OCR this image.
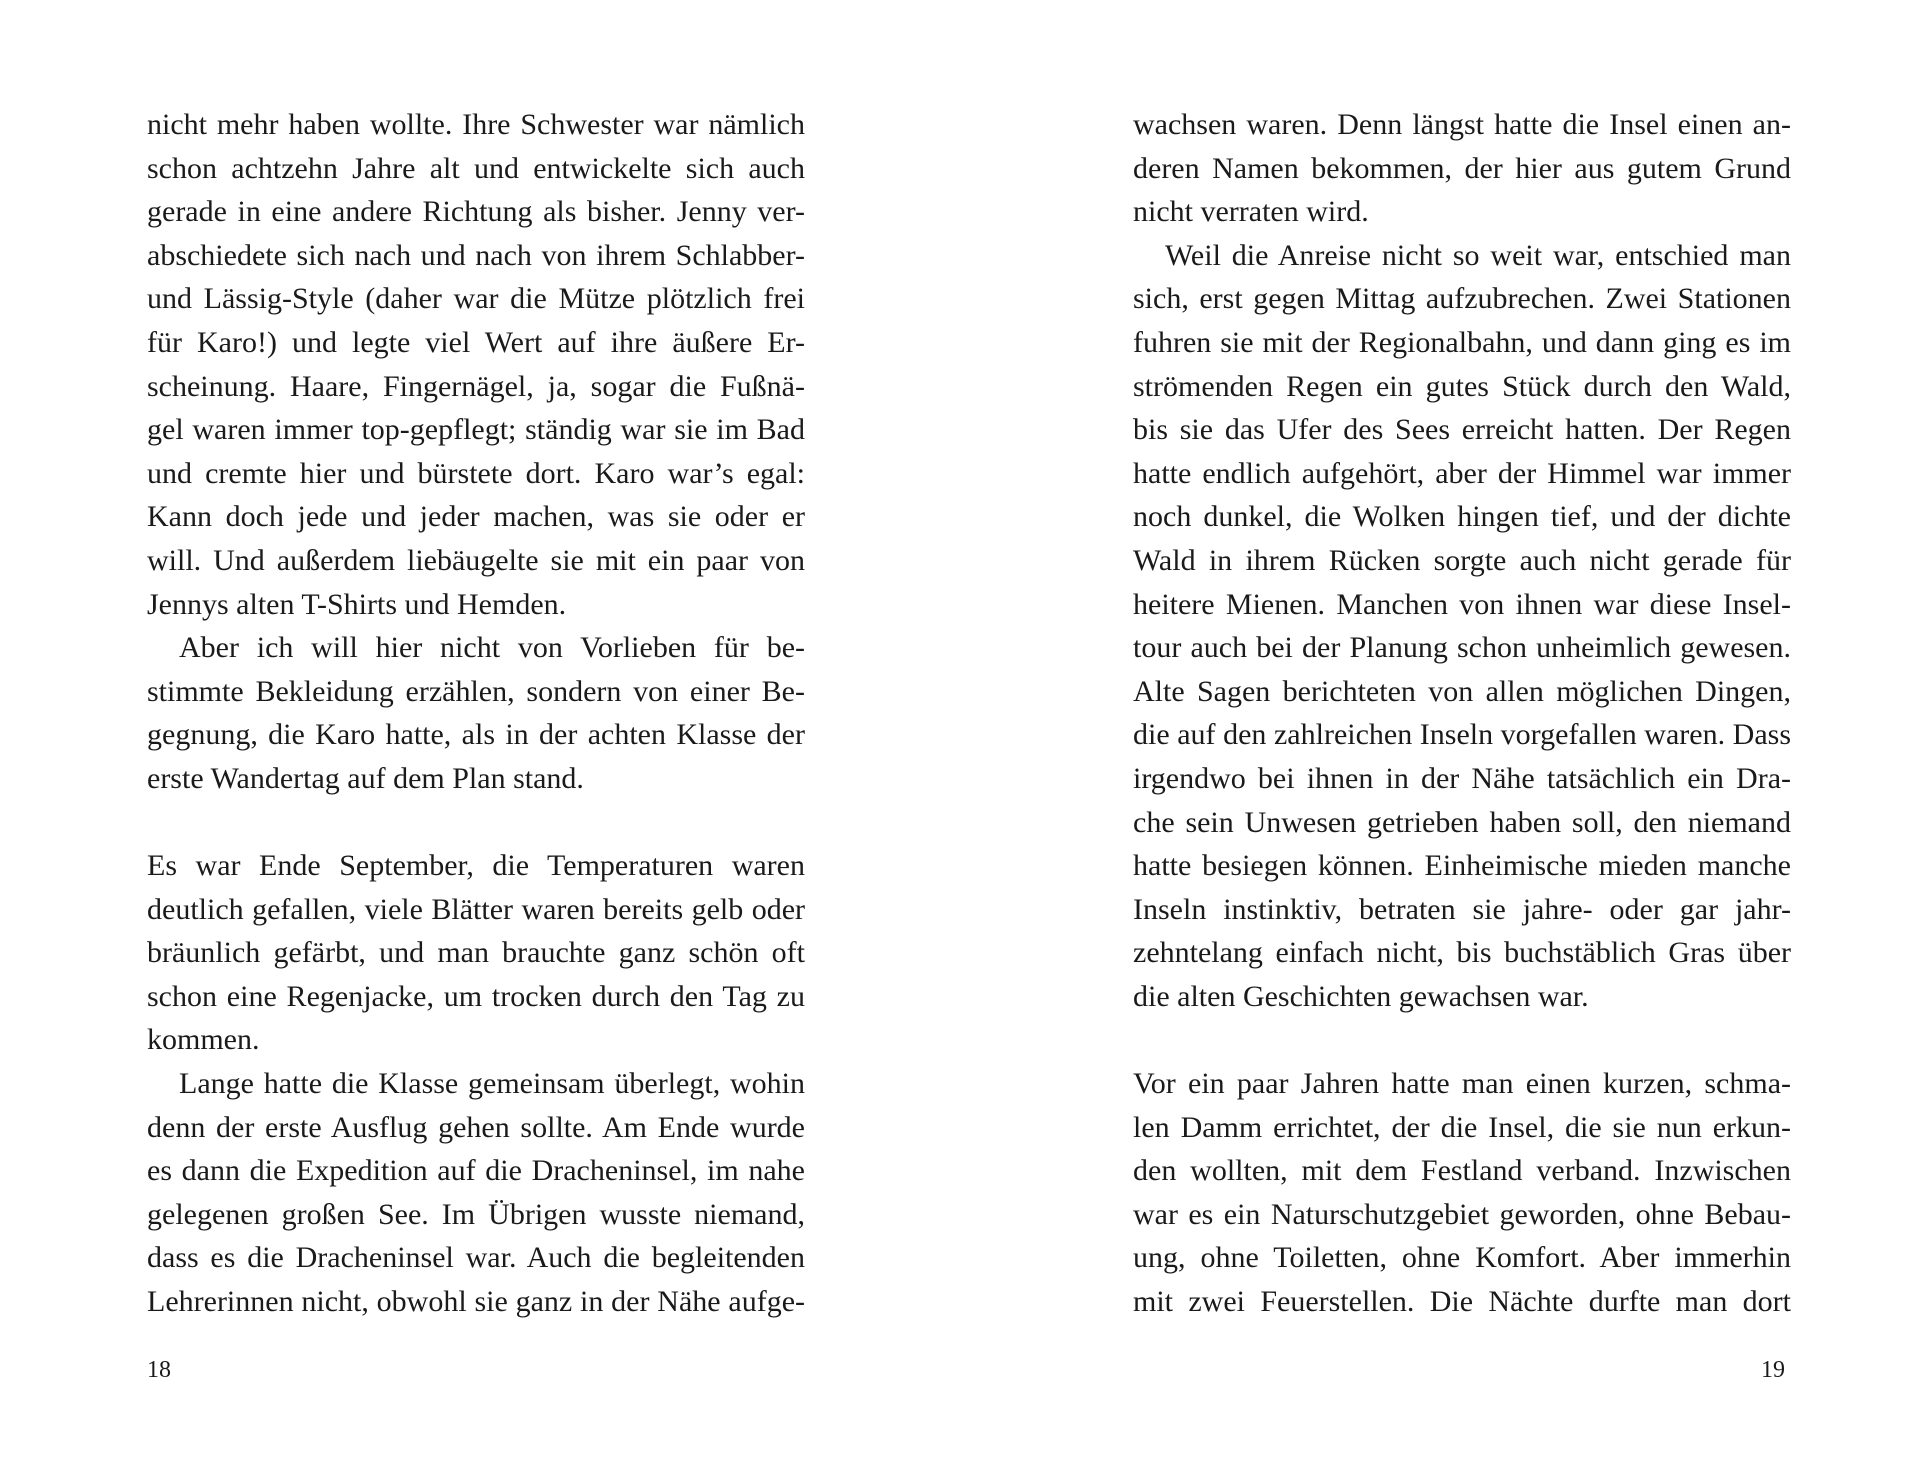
nicht mehr haben wollte. Ihre Schwester war nämlich
schon achtzehn Jahre alt und entwickelte sich auch
gerade in eine andere Richtung als bisher. Jenny ver-
abschiedete sich nach und nach von ihrem Schlabber-
und Lässig-Style (daher war die Mütze plötzlich frei
für Karo!) und legte viel Wert auf ihre äußere Er-
scheinung. Haare, Fingernägel, ja, sogar die Fußnä-
gel waren immer top-gepflegt; ständig war sie im Bad
und cremte hier und bürstete dort. Karo war’s egal:
Kann doch jede und jeder machen, was sie oder er
will. Und außerdem liebäugelte sie mit ein paar von
Jennys alten T-Shirts und Hemden.
Aber ich will hier nicht von Vorlieben für be-
stimmte Bekleidung erzählen, sondern von einer Be-
gegnung, die Karo hatte, als in der achten Klasse der
erste Wandertag auf dem Plan stand.
Es war Ende September, die Temperaturen waren
deutlich gefallen, viele Blätter waren bereits gelb oder
bräunlich gefärbt, und man brauchte ganz schön oft
schon eine Regenjacke, um trocken durch den Tag zu
kommen.
Lange hatte die Klasse gemeinsam überlegt, wohin
denn der erste Ausflug gehen sollte. Am Ende wurde
es dann die Expedition auf die Dracheninsel, im nahe
gelegenen großen See. Im Übrigen wusste niemand,
dass es die Dracheninsel war. Auch die begleitenden
Lehrerinnen nicht, obwohl sie ganz in der Nähe aufge-
18
wachsen waren. Denn längst hatte die Insel einen an-
deren Namen bekommen, der hier aus gutem Grund
nicht verraten wird.
Weil die Anreise nicht so weit war, entschied man
sich, erst gegen Mittag aufzubrechen. Zwei Stationen
fuhren sie mit der Regionalbahn, und dann ging es im
strömenden Regen ein gutes Stück durch den Wald,
bis sie das Ufer des Sees erreicht hatten. Der Regen
hatte endlich aufgehört, aber der Himmel war immer
noch dunkel, die Wolken hingen tief, und der dichte
Wald in ihrem Rücken sorgte auch nicht gerade für
heitere Mienen. Manchen von ihnen war diese Insel-
tour auch bei der Planung schon unheimlich gewesen.
Alte Sagen berichteten von allen möglichen Dingen,
die auf den zahlreichen Inseln vorgefallen waren. Dass
irgendwo bei ihnen in der Nähe tatsächlich ein Dra-
che sein Unwesen getrieben haben soll, den niemand
hatte besiegen können. Einheimische mieden manche
Inseln instinktiv, betraten sie jahre- oder gar jahr-
zehntelang einfach nicht, bis buchstäblich Gras über
die alten Geschichten gewachsen war.
Vor ein paar Jahren hatte man einen kurzen, schma-
len Damm errichtet, der die Insel, die sie nun erkun-
den wollten, mit dem Festland verband. Inzwischen
war es ein Naturschutzgebiet geworden, ohne Bebau-
ung, ohne Toiletten, ohne Komfort. Aber immerhin
mit zwei Feuerstellen. Die Nächte durfte man dort
19
